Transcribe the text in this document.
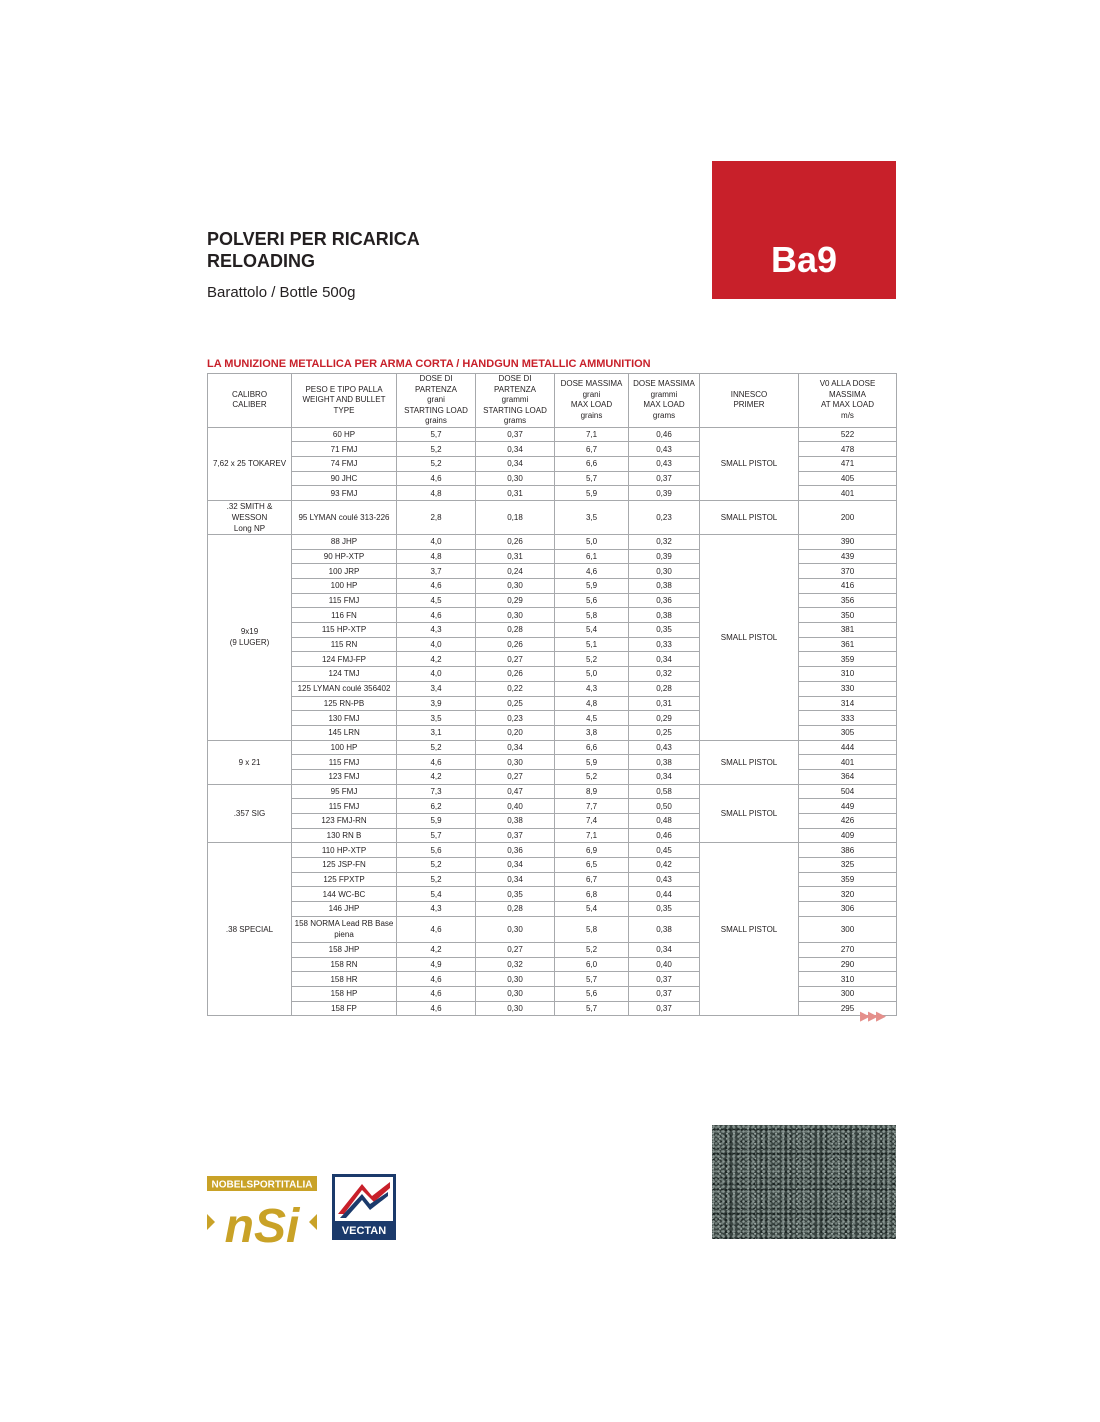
POLVERI PER RICARICA
RELOADING
Barattolo / Bottle 500g
Ba9
LA MUNIZIONE METALLICA PER ARMA CORTA / HANDGUN METALLIC AMMUNITION
CALIBRO
CALIBER	PESO E TIPO PALLA
WEIGHT AND BULLET TYPE	DOSE DI PARTENZA
grani
STARTING LOAD
grains	DOSE DI PARTENZA
grammi
STARTING LOAD
grams	DOSE MASSIMA
grani
MAX LOAD
grains	DOSE MASSIMA
grammi
MAX LOAD
grams	INNESCO
PRIMER	V0 ALLA DOSE MASSIMA
AT MAX LOAD
m/s

7,62 x 25 TOKAREV	60 HP	5,7	0,37	7,1	0,46	SMALL PISTOL	522
	71 FMJ	5,2	0,34	6,7	0,43		478
	74 FMJ	5,2	0,34	6,6	0,43		471
	90 JHC	4,6	0,30	5,7	0,37		405
	93 FMJ	4,8	0,31	5,9	0,39		401

.32 SMITH & WESSON
Long NP	95 LYMAN coulé 313-226	2,8	0,18	3,5	0,23	SMALL PISTOL	200

9x19
(9 LUGER)	88 JHP	4,0	0,26	5,0	0,32	SMALL PISTOL	390
	90 HP-XTP	4,8	0,31	6,1	0,39		439
	100 JRP	3,7	0,24	4,6	0,30		370
	100 HP	4,6	0,30	5,9	0,38		416
	115 FMJ	4,5	0,29	5,6	0,36		356
	116 FN	4,6	0,30	5,8	0,38		350
	115 HP-XTP	4,3	0,28	5,4	0,35		381
	115 RN	4,0	0,26	5,1	0,33		361
	124 FMJ-FP	4,2	0,27	5,2	0,34		359
	124 TMJ	4,0	0,26	5,0	0,32		310
	125 LYMAN coulé 356402	3,4	0,22	4,3	0,28		330
	125 RN-PB	3,9	0,25	4,8	0,31		314
	130 FMJ	3,5	0,23	4,5	0,29		333
	145 LRN	3,1	0,20	3,8	0,25		305

9 x 21	100 HP	5,2	0,34	6,6	0,43	SMALL PISTOL	444
	115 FMJ	4,6	0,30	5,9	0,38		401
	123 FMJ	4,2	0,27	5,2	0,34		364

.357 SIG	95 FMJ	7,3	0,47	8,9	0,58	SMALL PISTOL	504
	115 FMJ	6,2	0,40	7,7	0,50		449
	123 FMJ-RN	5,9	0,38	7,4	0,48		426
	130 RN B	5,7	0,37	7,1	0,46		409

.38 SPECIAL	110 HP-XTP	5,6	0,36	6,9	0,45	SMALL PISTOL	386
	125 JSP-FN	5,2	0,34	6,5	0,42		325
	125 FPXTP	5,2	0,34	6,7	0,43		359
	144 WC-BC	5,4	0,35	6,8	0,44		320
	146 JHP	4,3	0,28	5,4	0,35		306
	158 NORMA Lead RB Base piena	4,6	0,30	5,8	0,38		300
	158 JHP	4,2	0,27	5,2	0,34		270
	158 RN	4,9	0,32	6,0	0,40		290
	158 HR	4,6	0,30	5,7	0,37		310
	158 HP	4,6	0,30	5,6	0,37		300
	158 FP	4,6	0,30	5,7	0,37		295 ▶▶▶
NOBELSPORTITALIA
nSi	VECTAN
